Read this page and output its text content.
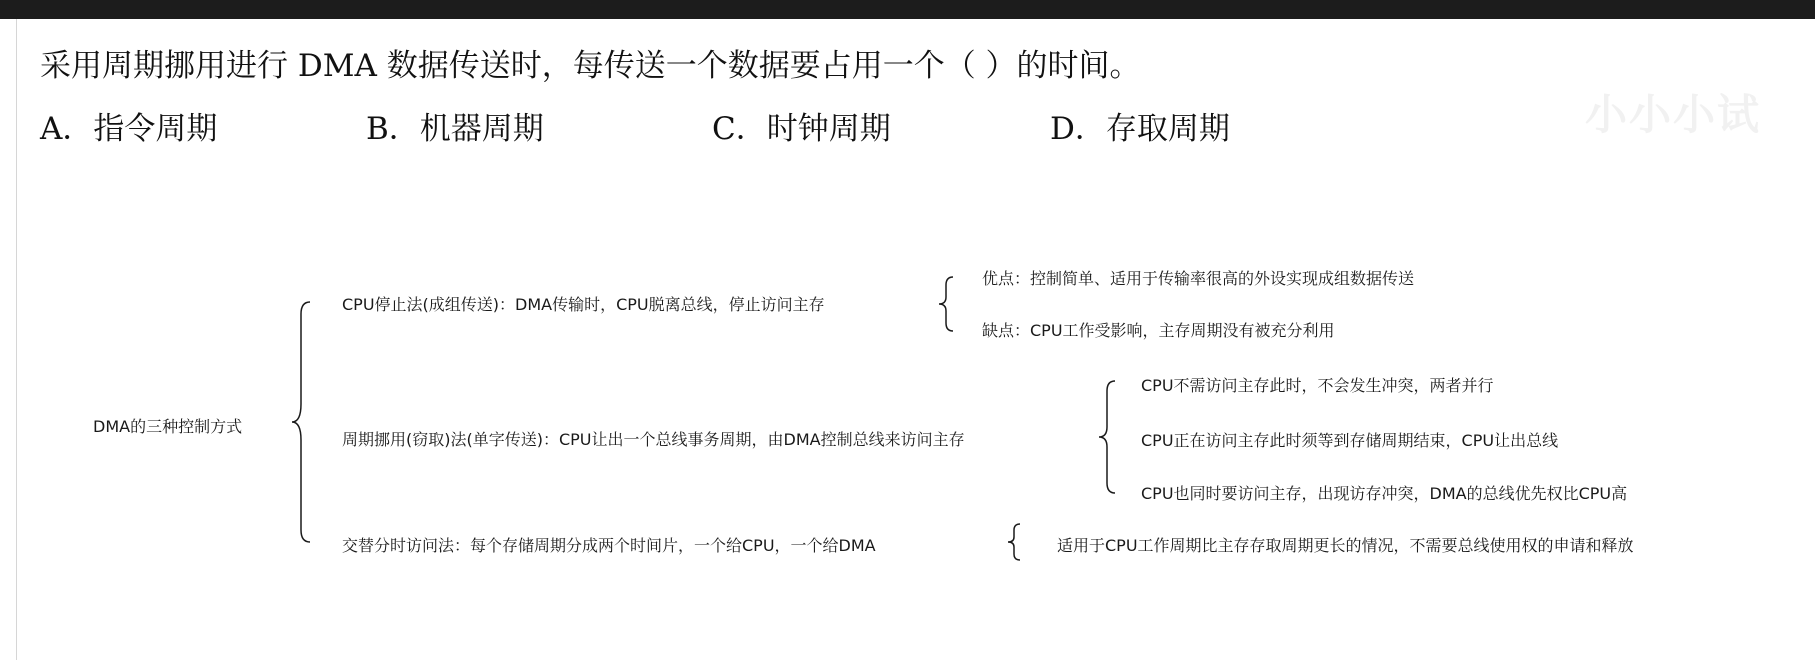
小小小试
采用周期挪用进行 DMA 数据传送时，每传送一个数据要占用一个（ ）的时间。
A．指令周期	B．机器周期	C．时钟周期	D．存取周期
DMA的三种控制方式
CPU停止法(成组传送)：DMA传输时，CPU脱离总线，停止访问主存
优点：控制简单、适用于传输率很高的外设实现成组数据传送
缺点：CPU工作受影响，主存周期没有被充分利用
周期挪用(窃取)法(单字传送)：CPU让出一个总线事务周期，由DMA控制总线来访问主存
CPU不需访问主存此时，不会发生冲突，两者并行
CPU正在访问主存此时须等到存储周期结束，CPU让出总线
CPU也同时要访问主存，出现访存冲突，DMA的总线优先权比CPU高
交替分时访问法：每个存储周期分成两个时间片，一个给CPU，一个给DMA	适用于CPU工作周期比主存存取周期更长的情况，不需要总线使用权的申请和释放
